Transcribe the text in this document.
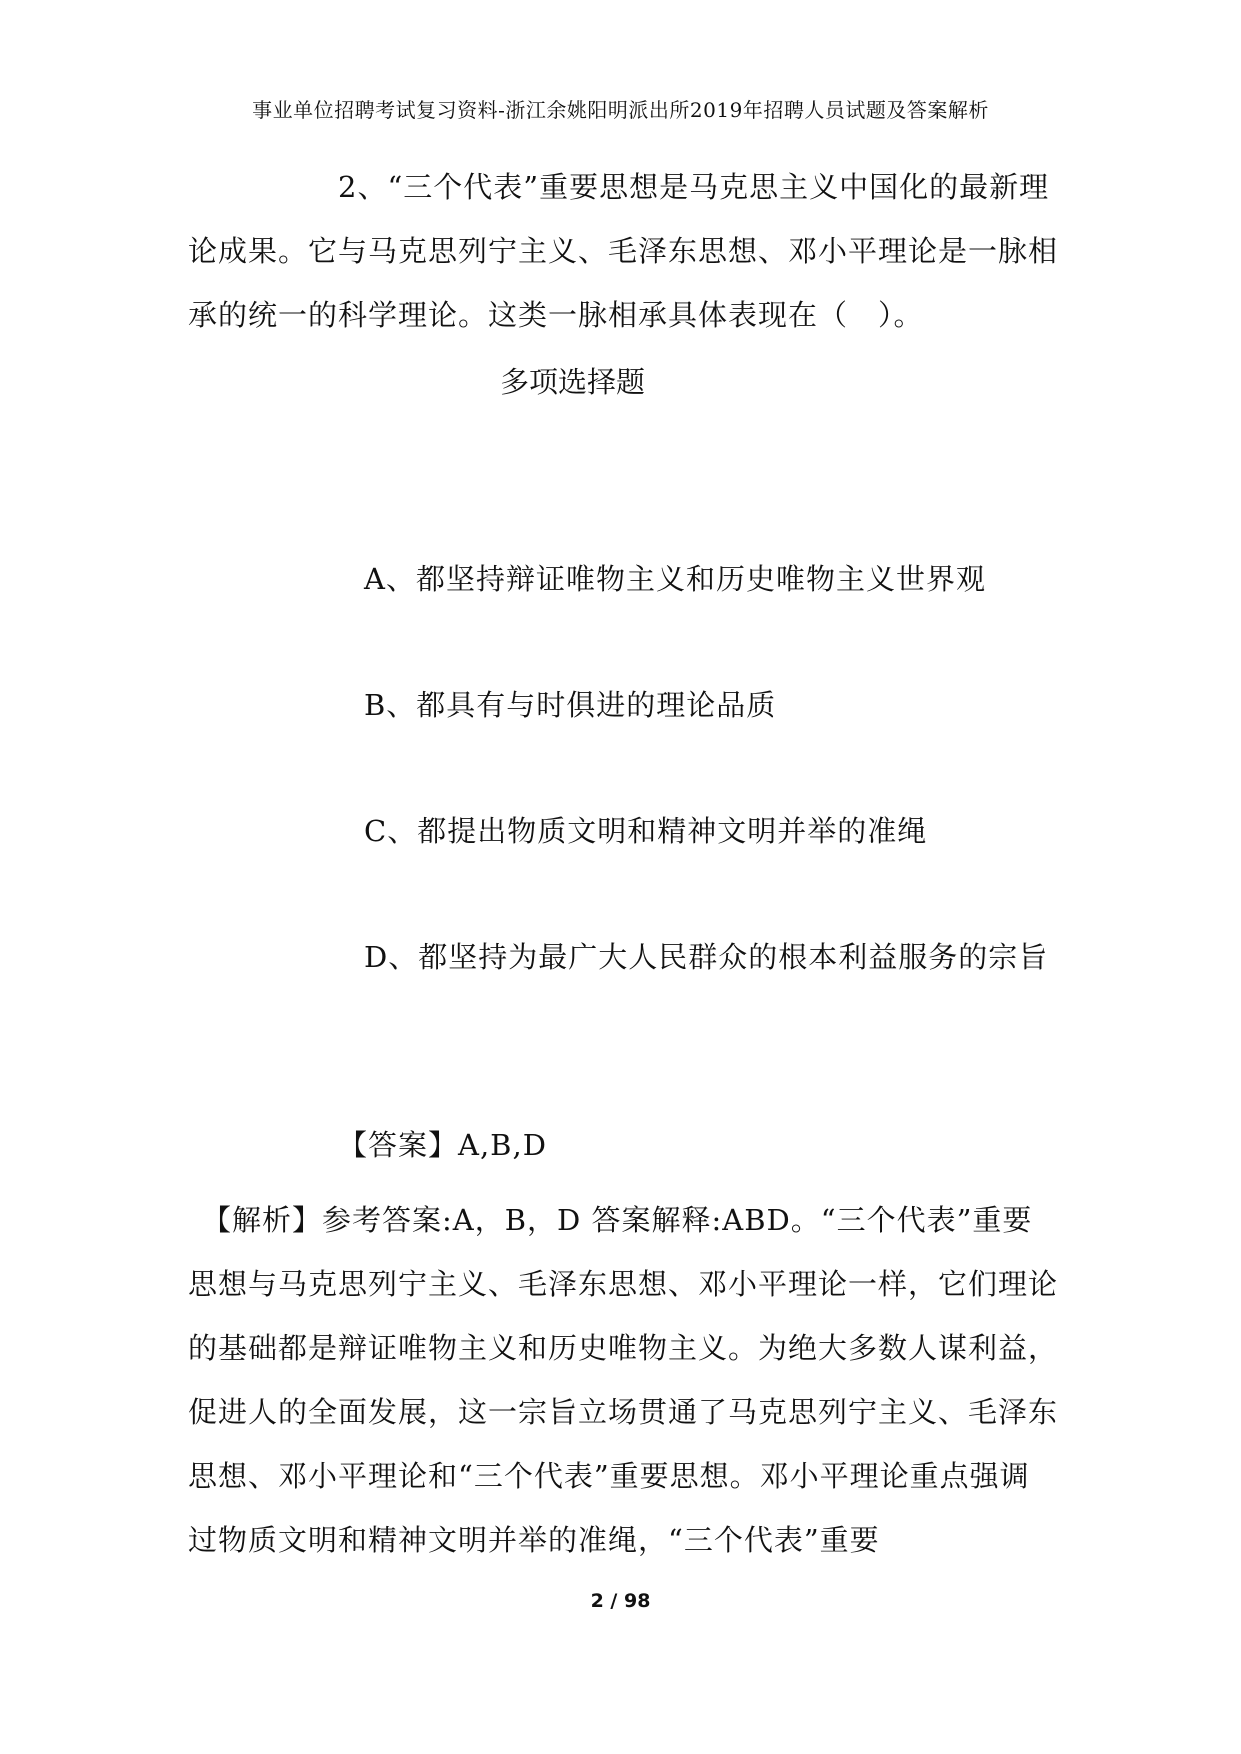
事业单位招聘考试复习资料-浙江余姚阳明派出所2019年招聘人员试题及答案解析
2、“三个代表”重要思想是马克思主义中国化的最新理论成果。它与马克思列宁主义、毛泽东思想、邓小平理论是一脉相承的统一的科学理论。这类一脉相承具体表现在（　）。
多项选择题
A、都坚持辩证唯物主义和历史唯物主义世界观
B、都具有与时俱进的理论品质
C、都提出物质文明和精神文明并举的准绳
D、都坚持为最广大人民群众的根本利益服务的宗旨
【答案】A,B,D
【解析】参考答案:A，B，D 答案解释:ABD。“三个代表”重要思想与马克思列宁主义、毛泽东思想、邓小平理论一样，它们理论的基础都是辩证唯物主义和历史唯物主义。为绝大多数人谋利益，促进人的全面发展，这一宗旨立场贯通了马克思列宁主义、毛泽东思想、邓小平理论和“三个代表”重要思想。邓小平理论重点强调过物质文明和精神文明并举的准绳，“三个代表”重要
2 / 98
